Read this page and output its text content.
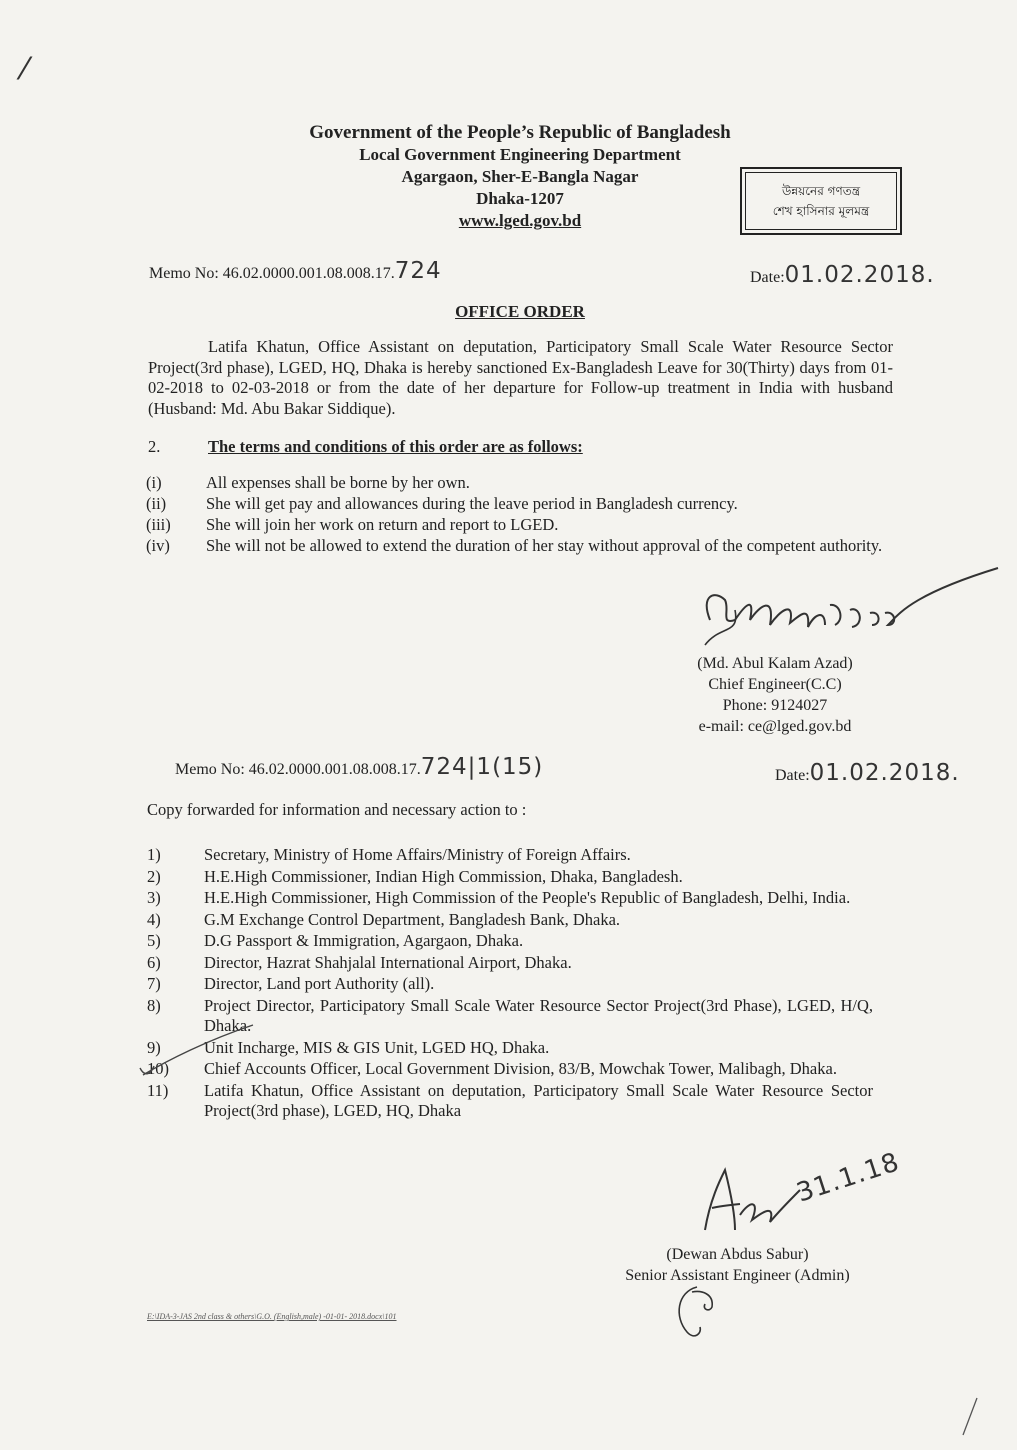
⁄
Government of the People’s Republic of Bangladesh
Local Government Engineering Department
Agargaon, Sher-E-Bangla Nagar
Dhaka-1207
www.lged.gov.bd
উন্নয়নের গণতন্ত্র
শেখ হাসিনার মূলমন্ত্র
Memo No: 46.02.0000.001.08.008.17.724	Date:01.02.2018.
OFFICE ORDER
Latifa Khatun, Office Assistant on deputation, Participatory Small Scale Water Resource Sector Project(3rd phase), LGED, HQ, Dhaka is hereby sanctioned Ex-Bangladesh Leave for 30(Thirty) days from 01-02-2018 to 02-03-2018 or from the date of her departure for Follow-up treatment in India with husband (Husband: Md. Abu Bakar Siddique).
2.	The terms and conditions of this order are as follows:
(i)	All expenses shall be borne by her own.
(ii)	She will get pay and allowances during the leave period in Bangladesh currency.
(iii)	She will join her work on return and report to LGED.
(iv)	She will not be allowed to extend the duration of her stay without approval of the competent authority.
(Md. Abul Kalam Azad)
Chief Engineer(C.C)
Phone: 9124027
e-mail: ce@lged.gov.bd
Memo No: 46.02.0000.001.08.008.17.724|1(15)	Date:01.02.2018.
Copy forwarded for information and necessary action to :
1)	Secretary, Ministry of Home Affairs/Ministry of Foreign Affairs.
2)	H.E.High Commissioner, Indian High Commission, Dhaka, Bangladesh.
3)	H.E.High Commissioner, High Commission of the People's Republic of Bangladesh, Delhi, India.
4)	G.M Exchange Control Department, Bangladesh Bank, Dhaka.
5)	D.G Passport & Immigration, Agargaon, Dhaka.
6)	Director, Hazrat Shahjalal International Airport, Dhaka.
7)	Director, Land port Authority (all).
8)	Project Director, Participatory Small Scale Water Resource Sector Project(3rd Phase), LGED, H/Q, Dhaka.
9)	Unit Incharge, MIS & GIS Unit, LGED HQ, Dhaka.
10)	Chief Accounts Officer, Local Government Division, 83/B, Mowchak Tower, Malibagh, Dhaka.
11)	Latifa Khatun, Office Assistant on deputation, Participatory Small Scale Water Resource Sector Project(3rd phase), LGED, HQ, Dhaka
31.1.18
(Dewan Abdus Sabur)
Senior Assistant Engineer (Admin)
E:\IDA-3-JAS 2nd class & others\G.O. (English,male) -01-01- 2018.docx\101
